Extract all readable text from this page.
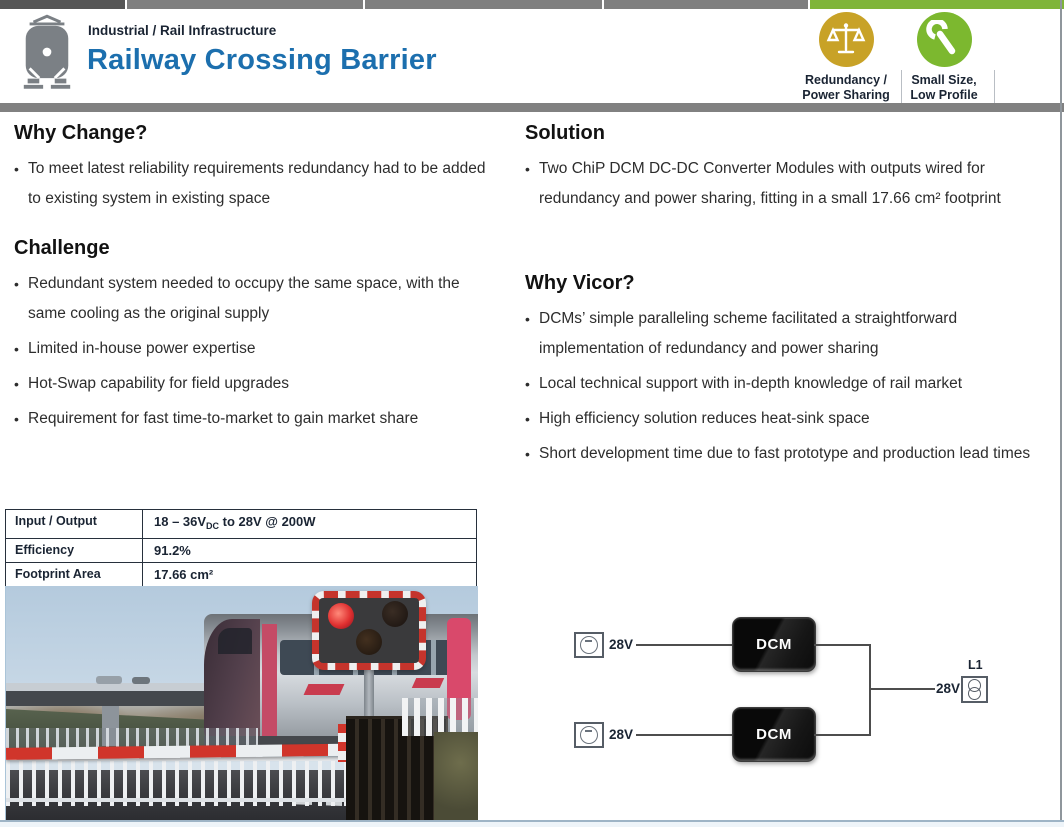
Industrial / Rail Infrastructure
Railway Crossing Barrier
Redundancy /
Power Sharing
Small Size,
Low Profile
Why Change?
• To meet latest reliability requirements redundancy had to be added to existing system in existing space
Challenge
• Redundant system needed to occupy the same space, with the same cooling as the original supply
• Limited in-house power expertise
• Hot-Swap capability for field upgrades
• Requirement for fast time-to-market to gain market share
Solution
• Two ChiP DCM DC-DC Converter Modules with outputs wired for redundancy and power sharing, fitting in a small 17.66 cm² footprint
Why Vicor?
• DCMs’ simple paralleling scheme facilitated a straightforward implementation of redundancy and power sharing
• Local technical support with in-depth knowledge of rail market
• High efficiency solution reduces heat-sink space
• Short development time due to fast prototype and production lead times
Input / Output	$18 - 36V_{DC}$ to 28V @ 200W
Efficiency	91.2%
Footprint Area	17.66 cm²
28V	DCM
28V	DCM
28V
L1
